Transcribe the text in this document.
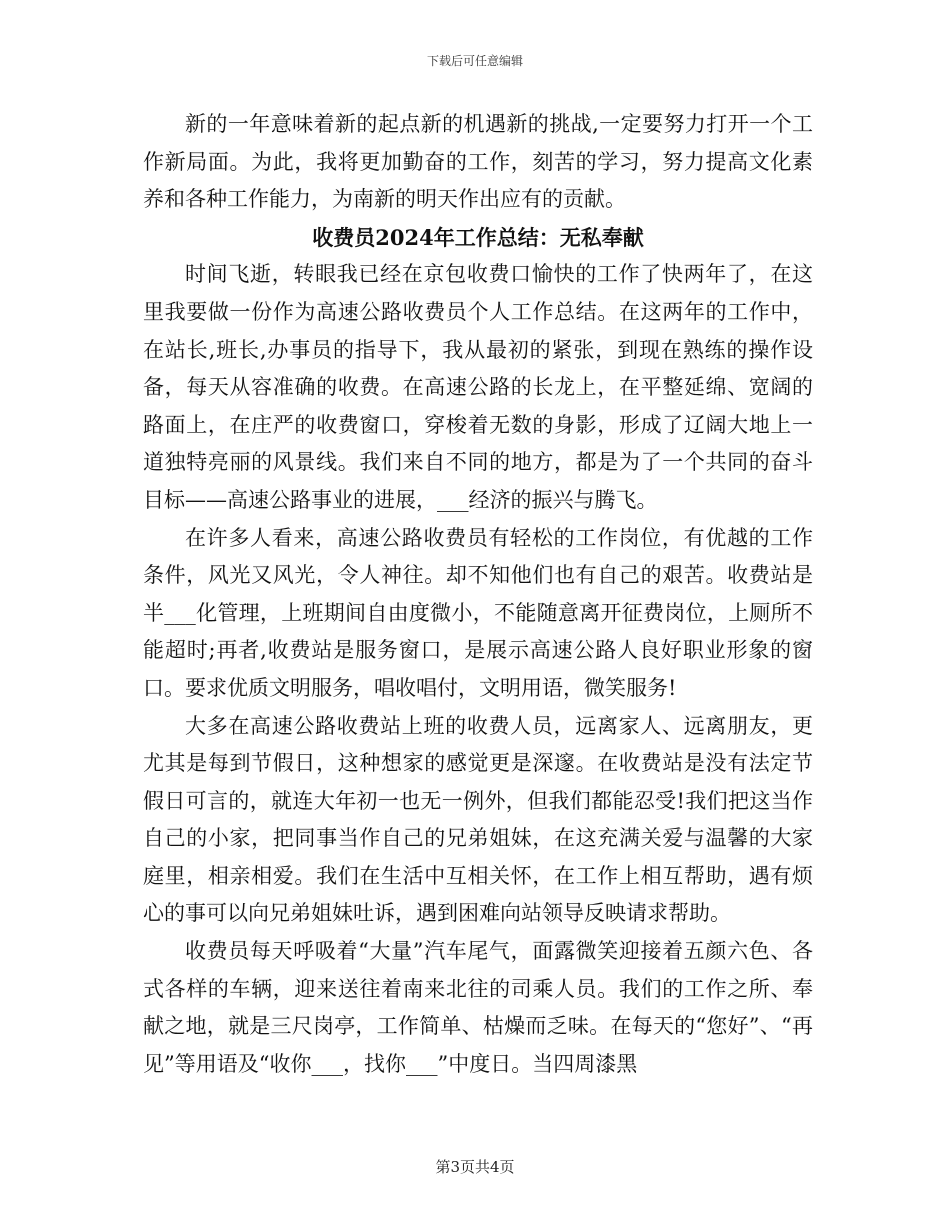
下载后可任意编辑

新的一年意味着新的起点新的机遇新的挑战,一定要努力打开一个工作新局面。为此，我将更加勤奋的工作，刻苦的学习，努力提高文化素养和各种工作能力，为南新的明天作出应有的贡献。

收费员2024年工作总结：无私奉献

时间飞逝，转眼我已经在京包收费口愉快的工作了快两年了，在这里我要做一份作为高速公路收费员个人工作总结。在这两年的工作中，在站长,班长,办事员的指导下，我从最初的紧张，到现在熟练的操作设备，每天从容准确的收费。在高速公路的长龙上，在平整延绵、宽阔的路面上，在庄严的收费窗口，穿梭着无数的身影，形成了辽阔大地上一道独特亮丽的风景线。我们来自不同的地方，都是为了一个共同的奋斗目标——高速公路事业的进展，___经济的振兴与腾飞。

在许多人看来，高速公路收费员有轻松的工作岗位，有优越的工作条件，风光又风光，令人神往。却不知他们也有自己的艰苦。收费站是半___化管理，上班期间自由度微小，不能随意离开征费岗位，上厕所不能超时;再者,收费站是服务窗口，是展示高速公路人良好职业形象的窗口。要求优质文明服务，唱收唱付，文明用语，微笑服务!

大多在高速公路收费站上班的收费人员，远离家人、远离朋友，更尤其是每到节假日，这种想家的感觉更是深邃。在收费站是没有法定节假日可言的，就连大年初一也无一例外，但我们都能忍受!我们把这当作自己的小家，把同事当作自己的兄弟姐妹，在这充满关爱与温馨的大家庭里，相亲相爱。我们在生活中互相关怀，在工作上相互帮助，遇有烦心的事可以向兄弟姐妹吐诉，遇到困难向站领导反映请求帮助。

收费员每天呼吸着“大量”汽车尾气，面露微笑迎接着五颜六色、各式各样的车辆，迎来送往着南来北往的司乘人员。我们的工作之所、奉献之地，就是三尺岗亭，工作简单、枯燥而乏味。在每天的“您好”、“再见”等用语及“收你___，找你___”中度日。当四周漆黑

第3页共4页
